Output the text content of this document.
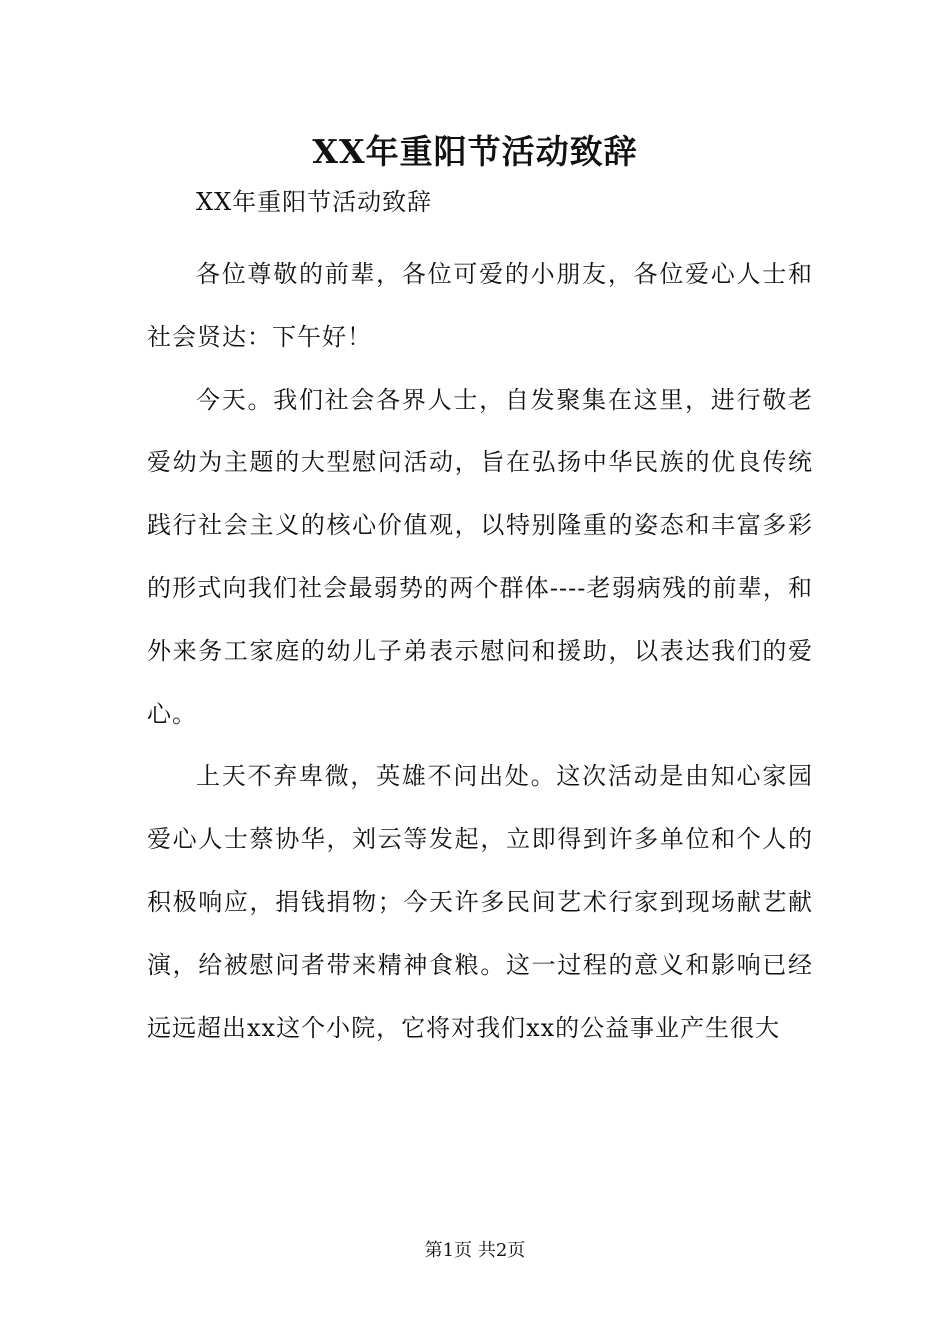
XX年重阳节活动致辞
XX年重阳节活动致辞

各位尊敬的前辈，各位可爱的小朋友，各位爱心人士和社会贤达：下午好！

今天。我们社会各界人士，自发聚集在这里，进行敬老爱幼为主题的大型慰问活动，旨在弘扬中华民族的优良传统践行社会主义的核心价值观，以特别隆重的姿态和丰富多彩的形式向我们社会最弱势的两个群体----老弱病残的前辈，和外来务工家庭的幼儿子弟表示慰问和援助，以表达我们的爱心。

上天不弃卑微，英雄不问出处。这次活动是由知心家园爱心人士蔡协华，刘云等发起，立即得到许多单位和个人的积极响应，捐钱捐物；今天许多民间艺术行家到现场献艺献演，给被慰问者带来精神食粮。这一过程的意义和影响已经远远超出xx这个小院，它将对我们xx的公益事业产生很大

第1页 共2页
